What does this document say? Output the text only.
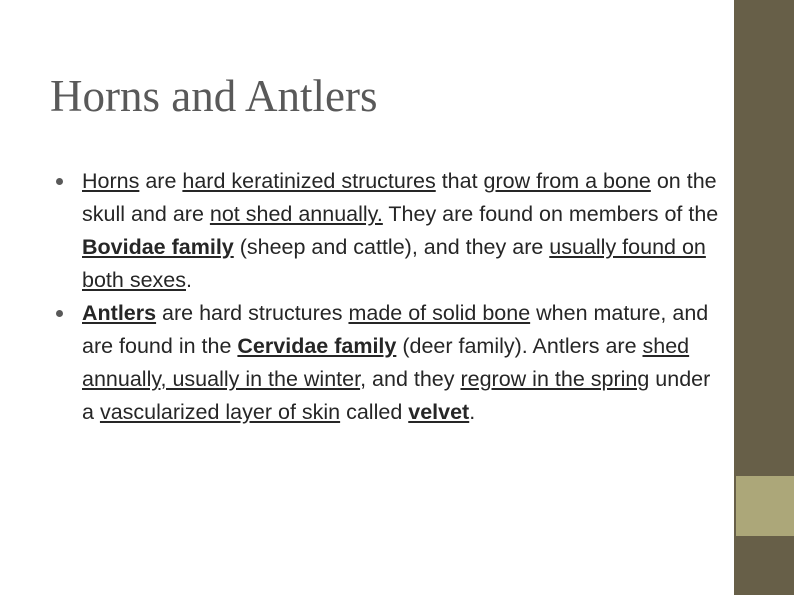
Horns and Antlers
Horns are hard keratinized structures that grow from a bone on the skull and are not shed annually. They are found on members of the Bovidae family (sheep and cattle), and they are usually found on both sexes.
Antlers are hard structures made of solid bone when mature, and are found in the Cervidae family (deer family). Antlers are shed annually, usually in the winter, and they regrow in the spring under a vascularized layer of skin called velvet.
